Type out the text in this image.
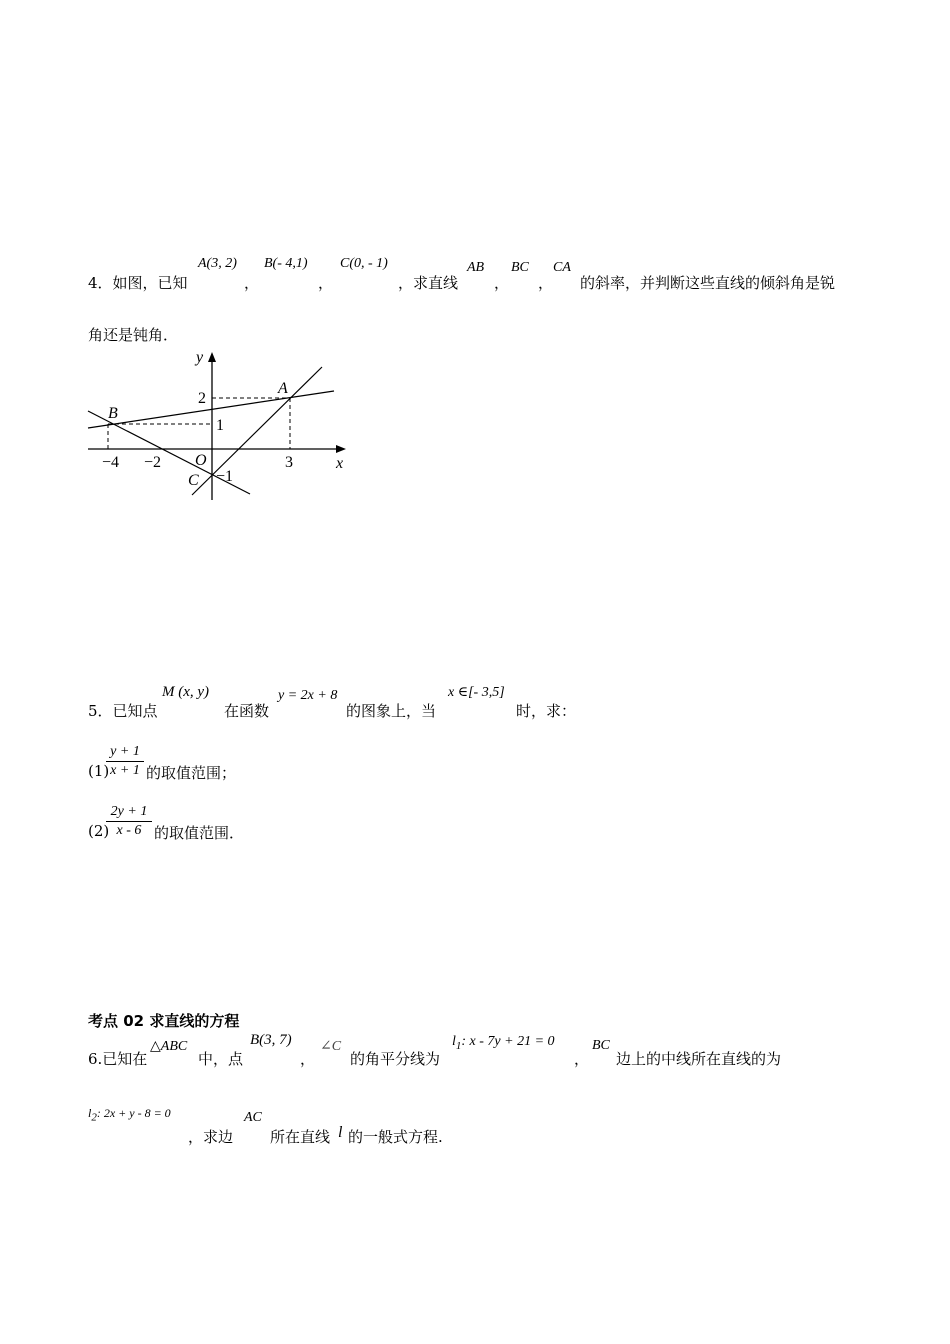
4．如图，已知
A(3, 2)
，
B(- 4,1)
，
C(0, - 1)
，求直线
AB
，
BC
，
CA
的斜率，并判断这些直线的倾斜角是锐
角还是钝角．
y
x
O
A
B
C
2
1
−1
−4 −2	3
5．已知点
M (x, y)
在函数
y = 2x + 8
的图象上，当
x ∈[- 3,5]
时，求：
(1)
y + 1
x + 1 的取值范围；
(2)
2y + 1
x - 6 的取值范围．
考点 02 求直线的方程
6.已知在
△ABC
中，点
B(3, 7)
，
∠C
的角平分线为
$l_1$: x - 7y + 21 = 0
，
BC
边上的中线所在直线的为
$l_2$: 2x + y - 8 = 0
，求边
AC
所在直线 l 的一般式方程.
